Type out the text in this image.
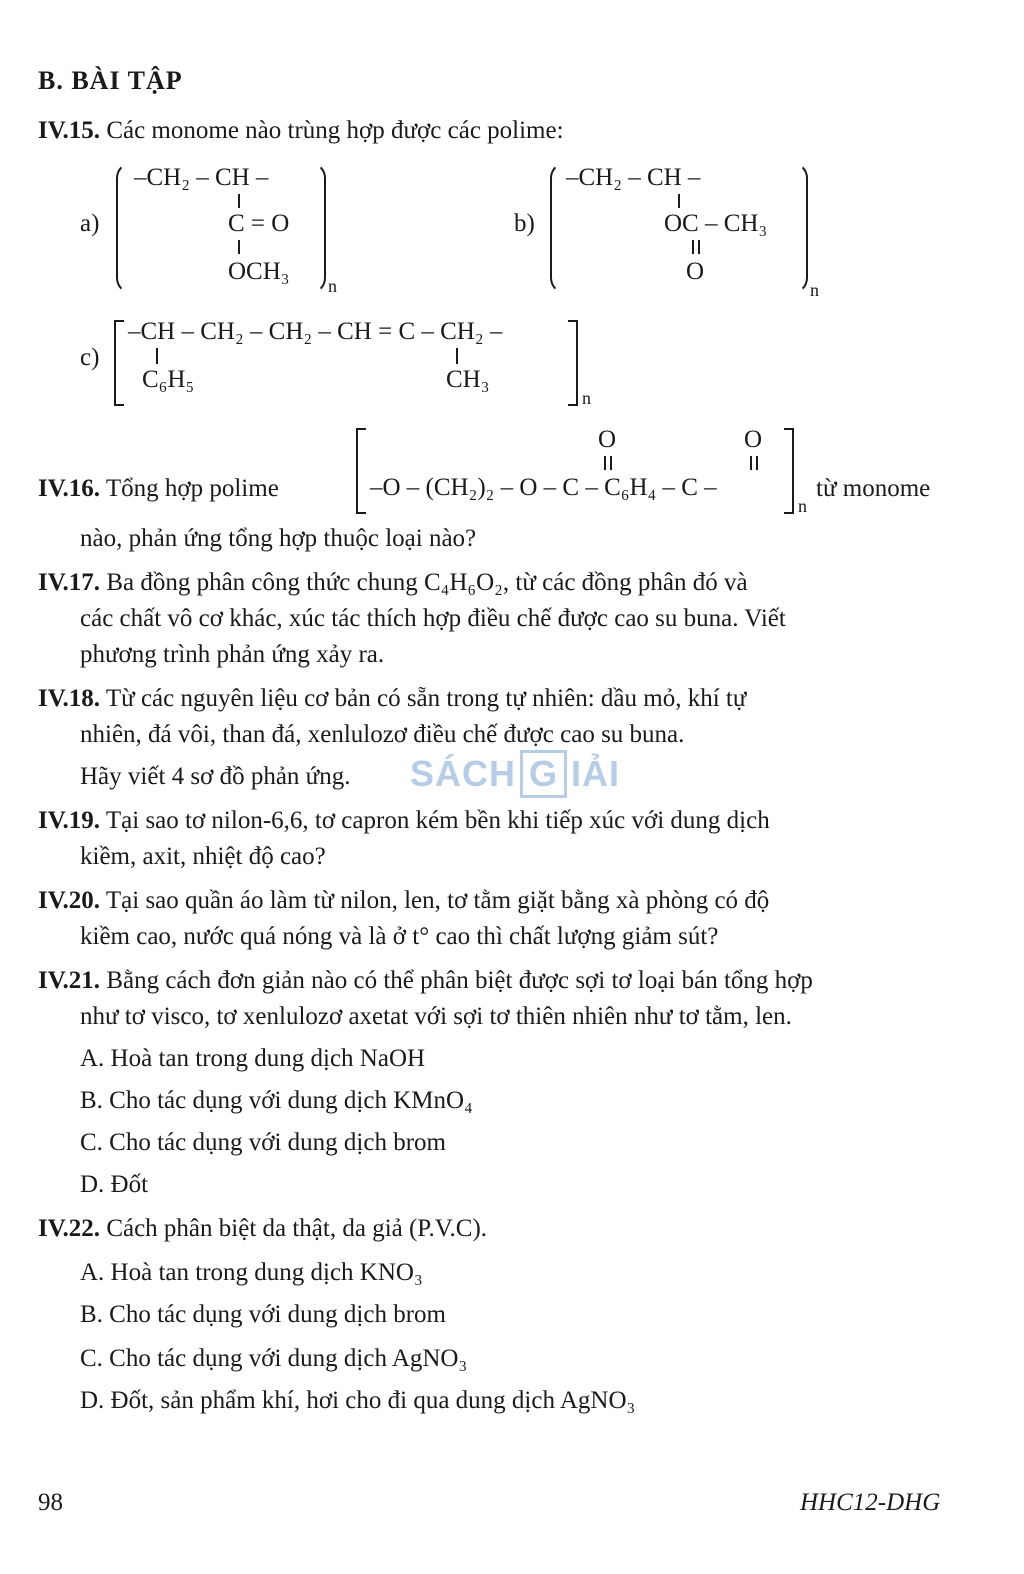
B. BÀI TẬP
IV.15. Các monome nào trùng hợp được các polime:
a)
–CH₂ – CH –
C = O
OCH₃
n
b)
–CH₂ – CH –
OC – CH₃
O
n
c)
–CH – CH₂ – CH₂ – CH = C – CH₂ –
C₆H₅	CH₃
n
IV.16. Tổng hợp polime
O	O
–O – (CH₂)₂ – O – C – C₆H₄ – C –
n
từ monome
nào, phản ứng tổng hợp thuộc loại nào?
IV.17. Ba đồng phân công thức chung C₄H₆O₂, từ các đồng phân đó và
các chất vô cơ khác, xúc tác thích hợp điều chế được cao su buna. Viết
phương trình phản ứng xảy ra.
IV.18. Từ các nguyên liệu cơ bản có sẵn trong tự nhiên: dầu mỏ, khí tự
nhiên, đá vôi, than đá, xenlulozơ điều chế được cao su buna.
Hãy viết 4 sơ đồ phản ứng. SÁCH G IẢI
IV.19. Tại sao tơ nilon-6,6, tơ capron kém bền khi tiếp xúc với dung dịch
kiềm, axit, nhiệt độ cao?
IV.20. Tại sao quần áo làm từ nilon, len, tơ tằm giặt bằng xà phòng có độ
kiềm cao, nước quá nóng và là ở t° cao thì chất lượng giảm sút?
IV.21. Bằng cách đơn giản nào có thể phân biệt được sợi tơ loại bán tổng hợp
như tơ visco, tơ xenlulozơ axetat với sợi tơ thiên nhiên như tơ tằm, len.
A. Hoà tan trong dung dịch NaOH
B. Cho tác dụng với dung dịch KMnO₄
C. Cho tác dụng với dung dịch brom
D. Đốt
IV.22. Cách phân biệt da thật, da giả (P.V.C).
A. Hoà tan trong dung dịch KNO₃
B. Cho tác dụng với dung dịch brom
C. Cho tác dụng với dung dịch AgNO₃
D. Đốt, sản phẩm khí, hơi cho đi qua dung dịch AgNO₃
98	HHC12-DHG
